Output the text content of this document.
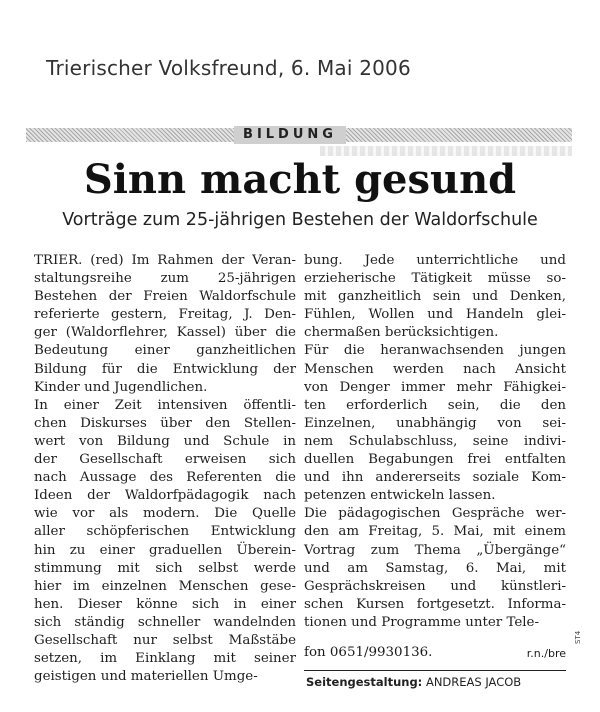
Trierischer Volksfreund, 6. Mai 2006
BILDUNG
Sinn macht gesund
Vorträge zum 25-jährigen Bestehen der Waldorfschule
TRIER. (red) Im Rahmen der Veran-
staltungsreihe zum 25-jährigen
Bestehen der Freien Waldorfschule
referierte gestern, Freitag, J. Den-
ger (Waldorflehrer, Kassel) über die
Bedeutung einer ganzheitlichen
Bildung für die Entwicklung der
Kinder und Jugendlichen.
In einer Zeit intensiven öffentli-
chen Diskurses über den Stellen-
wert von Bildung und Schule in
der Gesellschaft erweisen sich
nach Aussage des Referenten die
Ideen der Waldorfpädagogik nach
wie vor als modern. Die Quelle
aller schöpferischen Entwicklung
hin zu einer graduellen Überein-
stimmung mit sich selbst werde
hier im einzelnen Menschen gese-
hen. Dieser könne sich in einer
sich ständig schneller wandelnden
Gesellschaft nur selbst Maßstäbe
setzen, im Einklang mit seiner
geistigen und materiellen Umge-
bung. Jede unterrichtliche und
erzieherische Tätigkeit müsse so-
mit ganzheitlich sein und Denken,
Fühlen, Wollen und Handeln glei-
chermaßen berücksichtigen.
Für die heranwachsenden jungen
Menschen werden nach Ansicht
von Denger immer mehr Fähigkei-
ten erforderlich sein, die den
Einzelnen, unabhängig von sei-
nem Schulabschluss, seine indivi-
duellen Begabungen frei entfalten
und ihn andererseits soziale Kom-
petenzen entwickeln lassen.
Die pädagogischen Gespräche wer-
den am Freitag, 5. Mai, mit einem
Vortrag zum Thema „Übergänge“
und am Samstag, 6. Mai, mit
Gesprächskreisen und künstleri-
schen Kursen fortgesetzt. Informa-
tionen und Programme unter Tele-
fon 0651/9930136.	r.n./bre
ST4
Seitengestaltung: ANDREAS JACOB
